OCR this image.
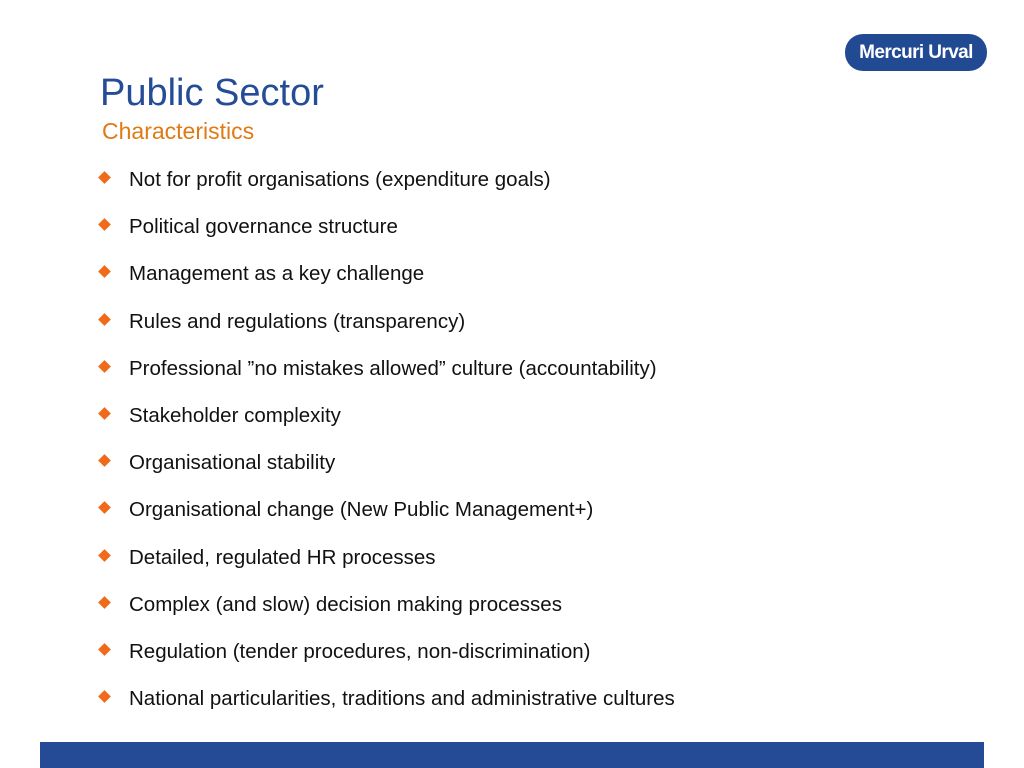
Mercuri Urval
Public Sector
Characteristics
Not for profit organisations (expenditure goals)
Political governance structure
Management as a key challenge
Rules and regulations (transparency)
Professional ”no mistakes allowed” culture (accountability)
Stakeholder complexity
Organisational stability
Organisational change (New Public Management+)
Detailed, regulated HR processes
Complex (and slow) decision making processes
Regulation (tender procedures, non-discrimination)
National particularities, traditions and administrative cultures
